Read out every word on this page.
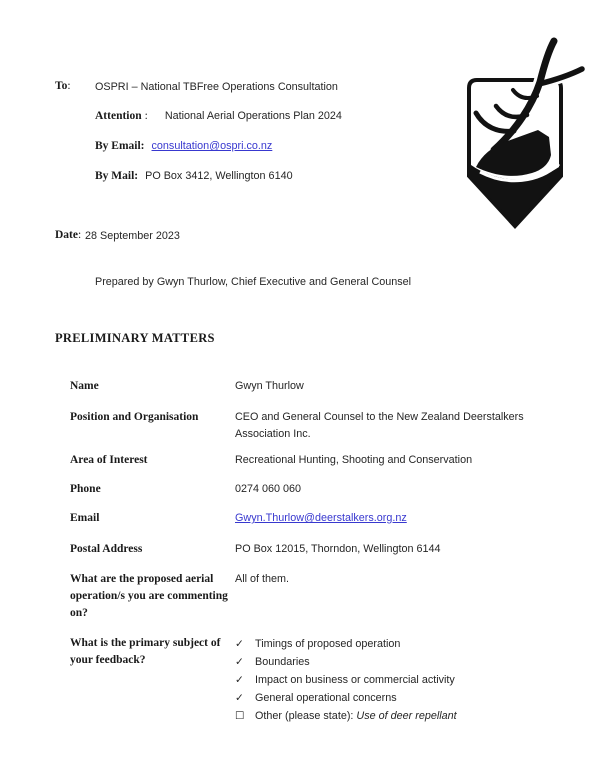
To: OSPRI – National TBFree Operations Consultation
Attention : National Aerial Operations Plan 2024
By Email: consultation@ospri.co.nz
By Mail: PO Box 3412, Wellington 6140
Date: 28 September 2023
Prepared by Gwyn Thurlow, Chief Executive and General Counsel
PRELIMINARY MATTERS
Name	Gwyn Thurlow
Position and Organisation	CEO and General Counsel to the New Zealand Deerstalkers Association Inc.
Area of Interest	Recreational Hunting, Shooting and Conservation
Phone	0274 060 060
Email	Gwyn.Thurlow@deerstalkers.org.nz
Postal Address	PO Box 12015, Thorndon, Wellington 6144
What are the proposed aerial operation/s you are commenting on?
All of them.
What is the primary subject of your feedback?
✓	Timings of proposed operation
✓	Boundaries
✓	Impact on business or commercial activity
✓	General operational concerns
☐ Other (please state): Use of deer repellant
